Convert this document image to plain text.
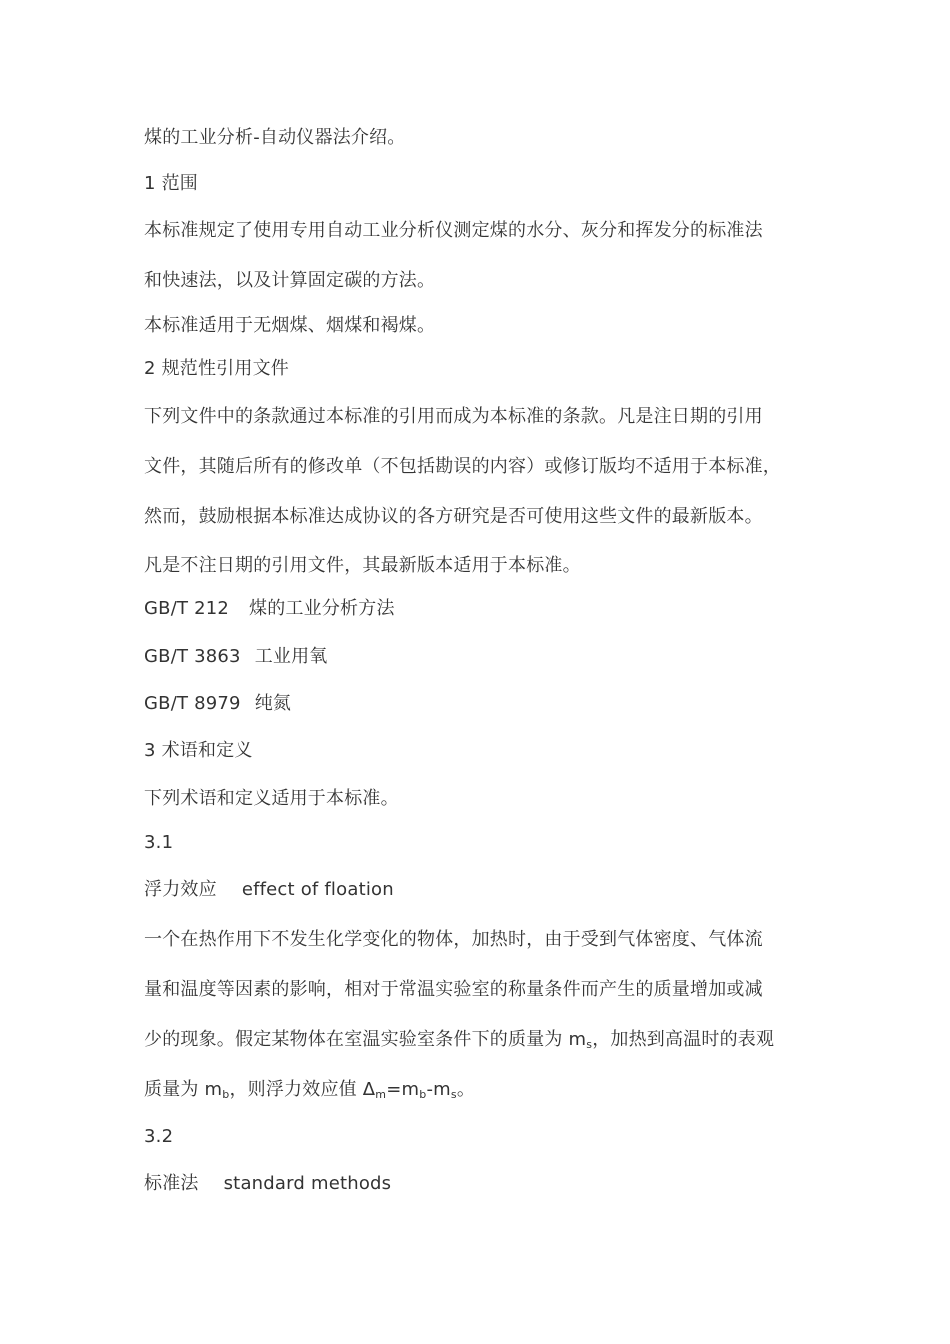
煤的工业分析-自动仪器法介绍。
1 范围
本标准规定了使用专用自动工业分析仪测定煤的水分、灰分和挥发分的标准法
和快速法，以及计算固定碳的方法。
本标准适用于无烟煤、烟煤和褐煤。
2 规范性引用文件
下列文件中的条款通过本标准的引用而成为本标准的条款。凡是注日期的引用
文件，其随后所有的修改单（不包括勘误的内容）或修订版均不适用于本标准，
然而，鼓励根据本标准达成协议的各方研究是否可使用这些文件的最新版本。
凡是不注日期的引用文件，其最新版本适用于本标准。
GB/T 212 煤的工业分析方法
GB/T 3863 工业用氧
GB/T 8979 纯氮
3 术语和定义
下列术语和定义适用于本标准。
3.1
浮力效应 effect of floation
一个在热作用下不发生化学变化的物体，加热时，由于受到气体密度、气体流
量和温度等因素的影响，相对于常温实验室的称量条件而产生的质量增加或减
少的现象。假定某物体在室温实验室条件下的质量为 $m_s$，加热到高温时的表观
质量为 $m_b$，则浮力效应值 $\Delta_m=m_b-m_s$。
3.2
标准法 standard methods
